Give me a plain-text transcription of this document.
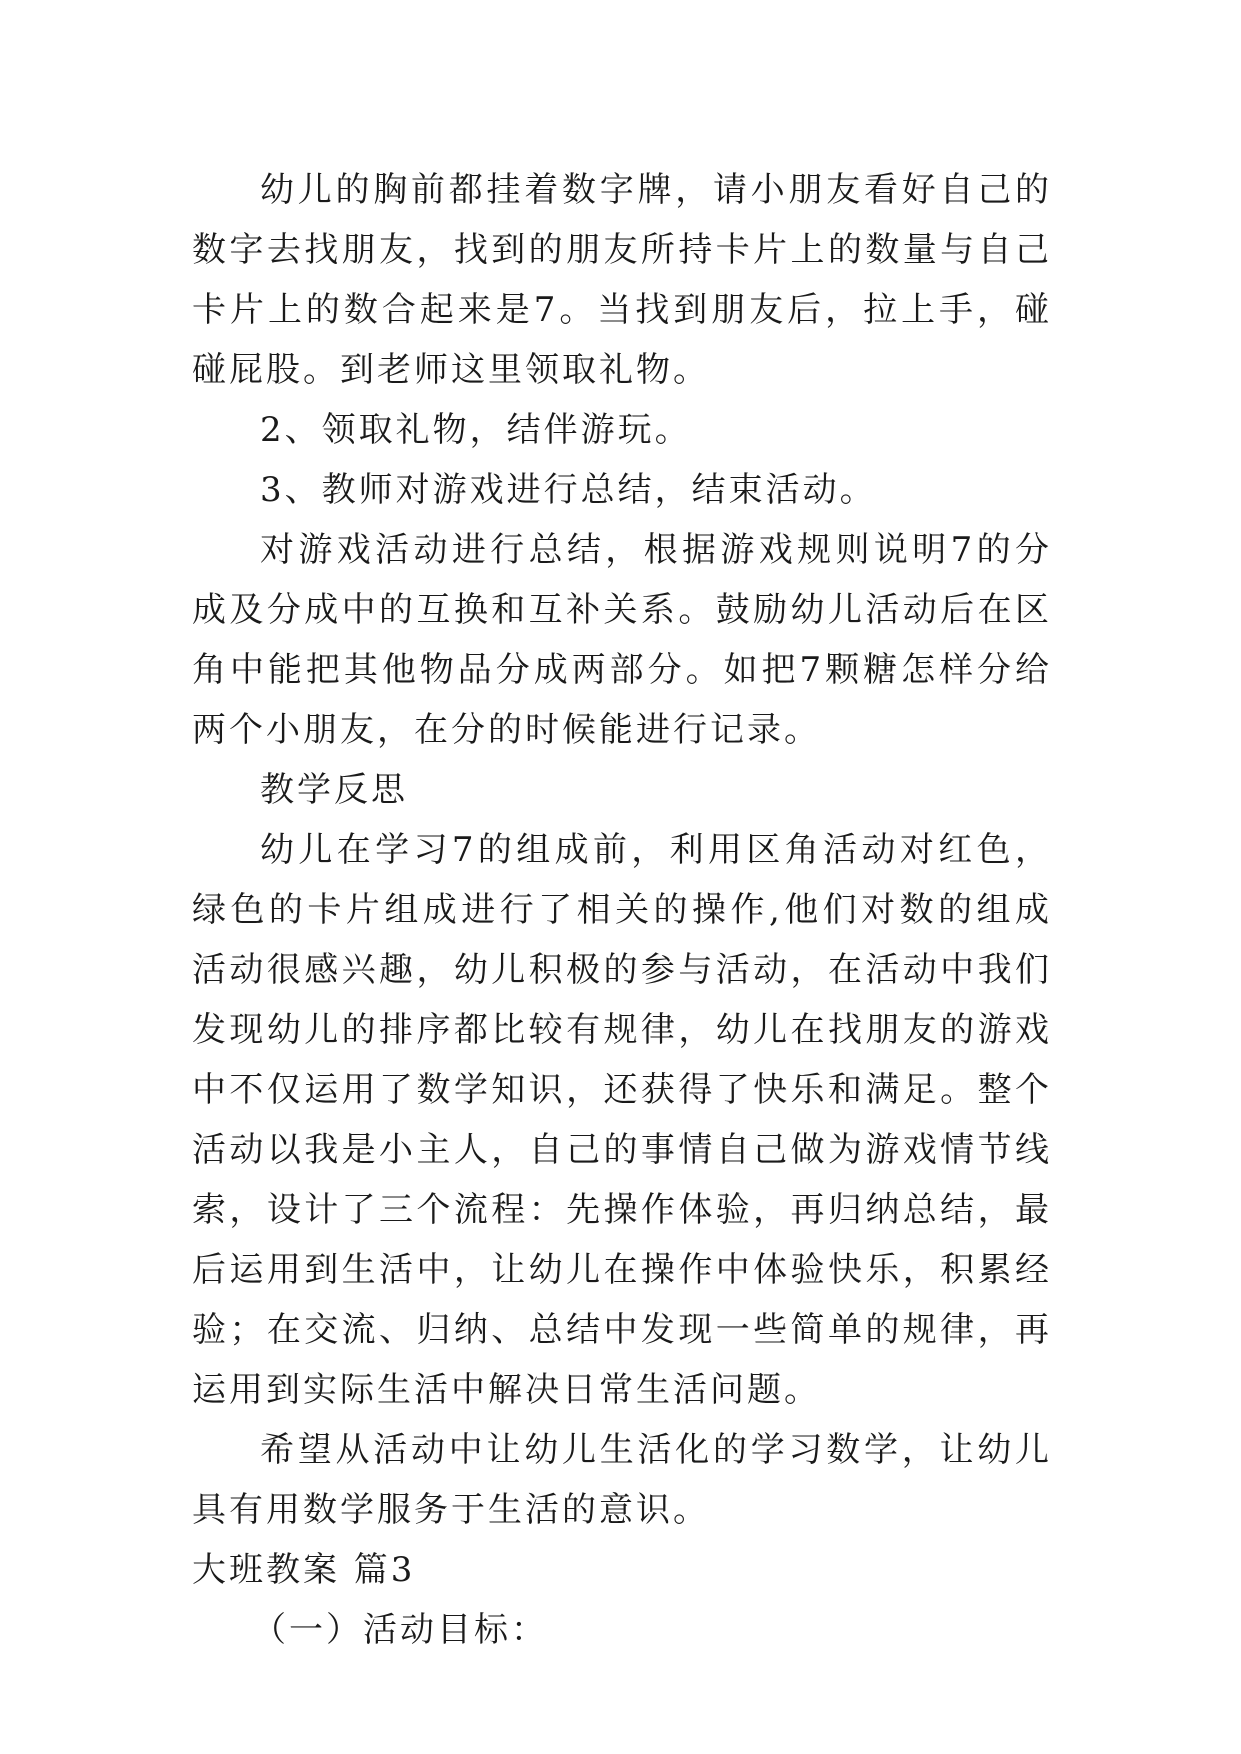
幼儿的胸前都挂着数字牌，请小朋友看好自己的数字去找朋友，找到的朋友所持卡片上的数量与自己卡片上的数合起来是7。当找到朋友后，拉上手，碰碰屁股。到老师这里领取礼物。

2、领取礼物，结伴游玩。

3、教师对游戏进行总结，结束活动。

对游戏活动进行总结，根据游戏规则说明7的分成及分成中的互换和互补关系。鼓励幼儿活动后在区角中能把其他物品分成两部分。如把7颗糖怎样分给两个小朋友，在分的时候能进行记录。

教学反思

幼儿在学习7的组成前，利用区角活动对红色，绿色的卡片组成进行了相关的操作,他们对数的组成活动很感兴趣，幼儿积极的参与活动，在活动中我们发现幼儿的排序都比较有规律，幼儿在找朋友的游戏中不仅运用了数学知识，还获得了快乐和满足。整个活动以我是小主人，自己的事情自己做为游戏情节线索，设计了三个流程：先操作体验，再归纳总结，最后运用到生活中，让幼儿在操作中体验快乐，积累经验；在交流、归纳、总结中发现一些简单的规律，再运用到实际生活中解决日常生活问题。

希望从活动中让幼儿生活化的学习数学，让幼儿具有用数学服务于生活的意识。

大班教案 篇3

（一）活动目标：
